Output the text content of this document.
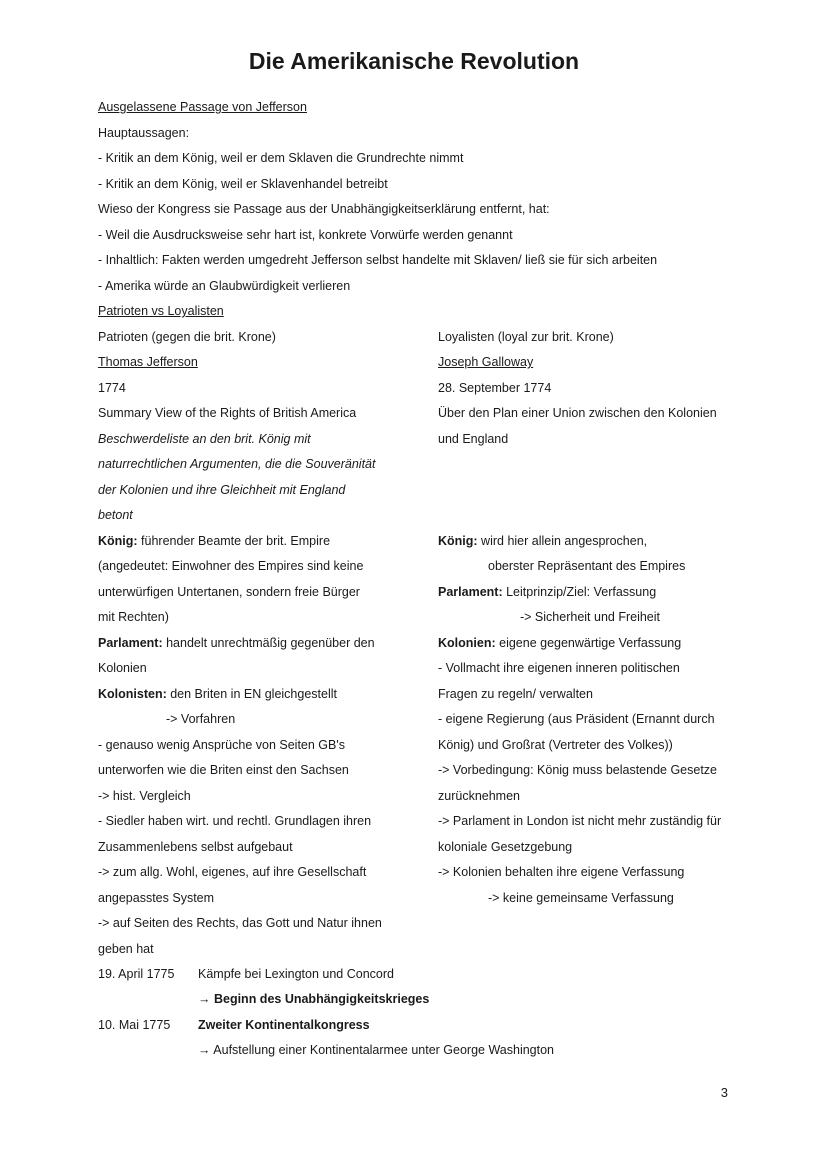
Die Amerikanische Revolution
Ausgelassene Passage von Jefferson
Hauptaussagen:
- Kritik an dem König, weil er dem Sklaven die Grundrechte nimmt
- Kritik an dem König, weil er Sklavenhandel betreibt
Wieso der Kongress sie Passage aus der Unabhängigkeitserklärung entfernt, hat:
- Weil die Ausdrucksweise sehr hart ist, konkrete Vorwürfe werden genannt
- Inhaltlich: Fakten werden umgedreht Jefferson selbst handelte mit Sklaven/ ließ sie für sich arbeiten
- Amerika würde an Glaubwürdigkeit verlieren
Patrioten vs Loyalisten
Patrioten (gegen die brit. Krone)
Thomas Jefferson
1774
Summary View of the Rights of British America
Beschwerdeliste an den brit. König mit
naturrechtlichen Argumenten, die die Souveränität
der Kolonien und ihre Gleichheit mit England
betont
König: führender Beamte der brit. Empire
(angedeutet: Einwohner des Empires sind keine
unterwürfigen Untertanen, sondern freie Bürger
mit Rechten)
Parlament: handelt unrechtmäßig gegenüber den
Kolonien
Kolonisten: den Briten in EN gleichgestellt
-> Vorfahren
- genauso wenig Ansprüche von Seiten GB's
unterworfen wie die Briten einst den Sachsen
-> hist. Vergleich
- Siedler haben wirt. und rechtl. Grundlagen ihren
Zusammenlebens selbst aufgebaut
-> zum allg. Wohl, eigenes, auf ihre Gesellschaft
angepasstes System
-> auf Seiten des Rechts, das Gott und Natur ihnen
geben hat
Loyalisten (loyal zur brit. Krone)
Joseph Galloway
28. September 1774
Über den Plan einer Union zwischen den Kolonien
und England
König: wird hier allein angesprochen,
oberster Repräsentant des Empires
Parlament: Leitprinzip/Ziel: Verfassung
-> Sicherheit und Freiheit
Kolonien: eigene gegenwärtige Verfassung
- Vollmacht ihre eigenen inneren politischen
Fragen zu regeln/ verwalten
- eigene Regierung (aus Präsident (Ernannt durch
König) und Großrat (Vertreter des Volkes))
-> Vorbedingung: König muss belastende Gesetze
zurücknehmen
-> Parlament in London ist nicht mehr zuständig für
koloniale Gesetzgebung
-> Kolonien behalten ihre eigene Verfassung
-> keine gemeinsame Verfassung
19. April 1775 Kämpfe bei Lexington und Concord
→ Beginn des Unabhängigkeitskrieges
10. Mai 1775 Zweiter Kontinentalkongress
→ Aufstellung einer Kontinentalarmee unter George Washington
3
